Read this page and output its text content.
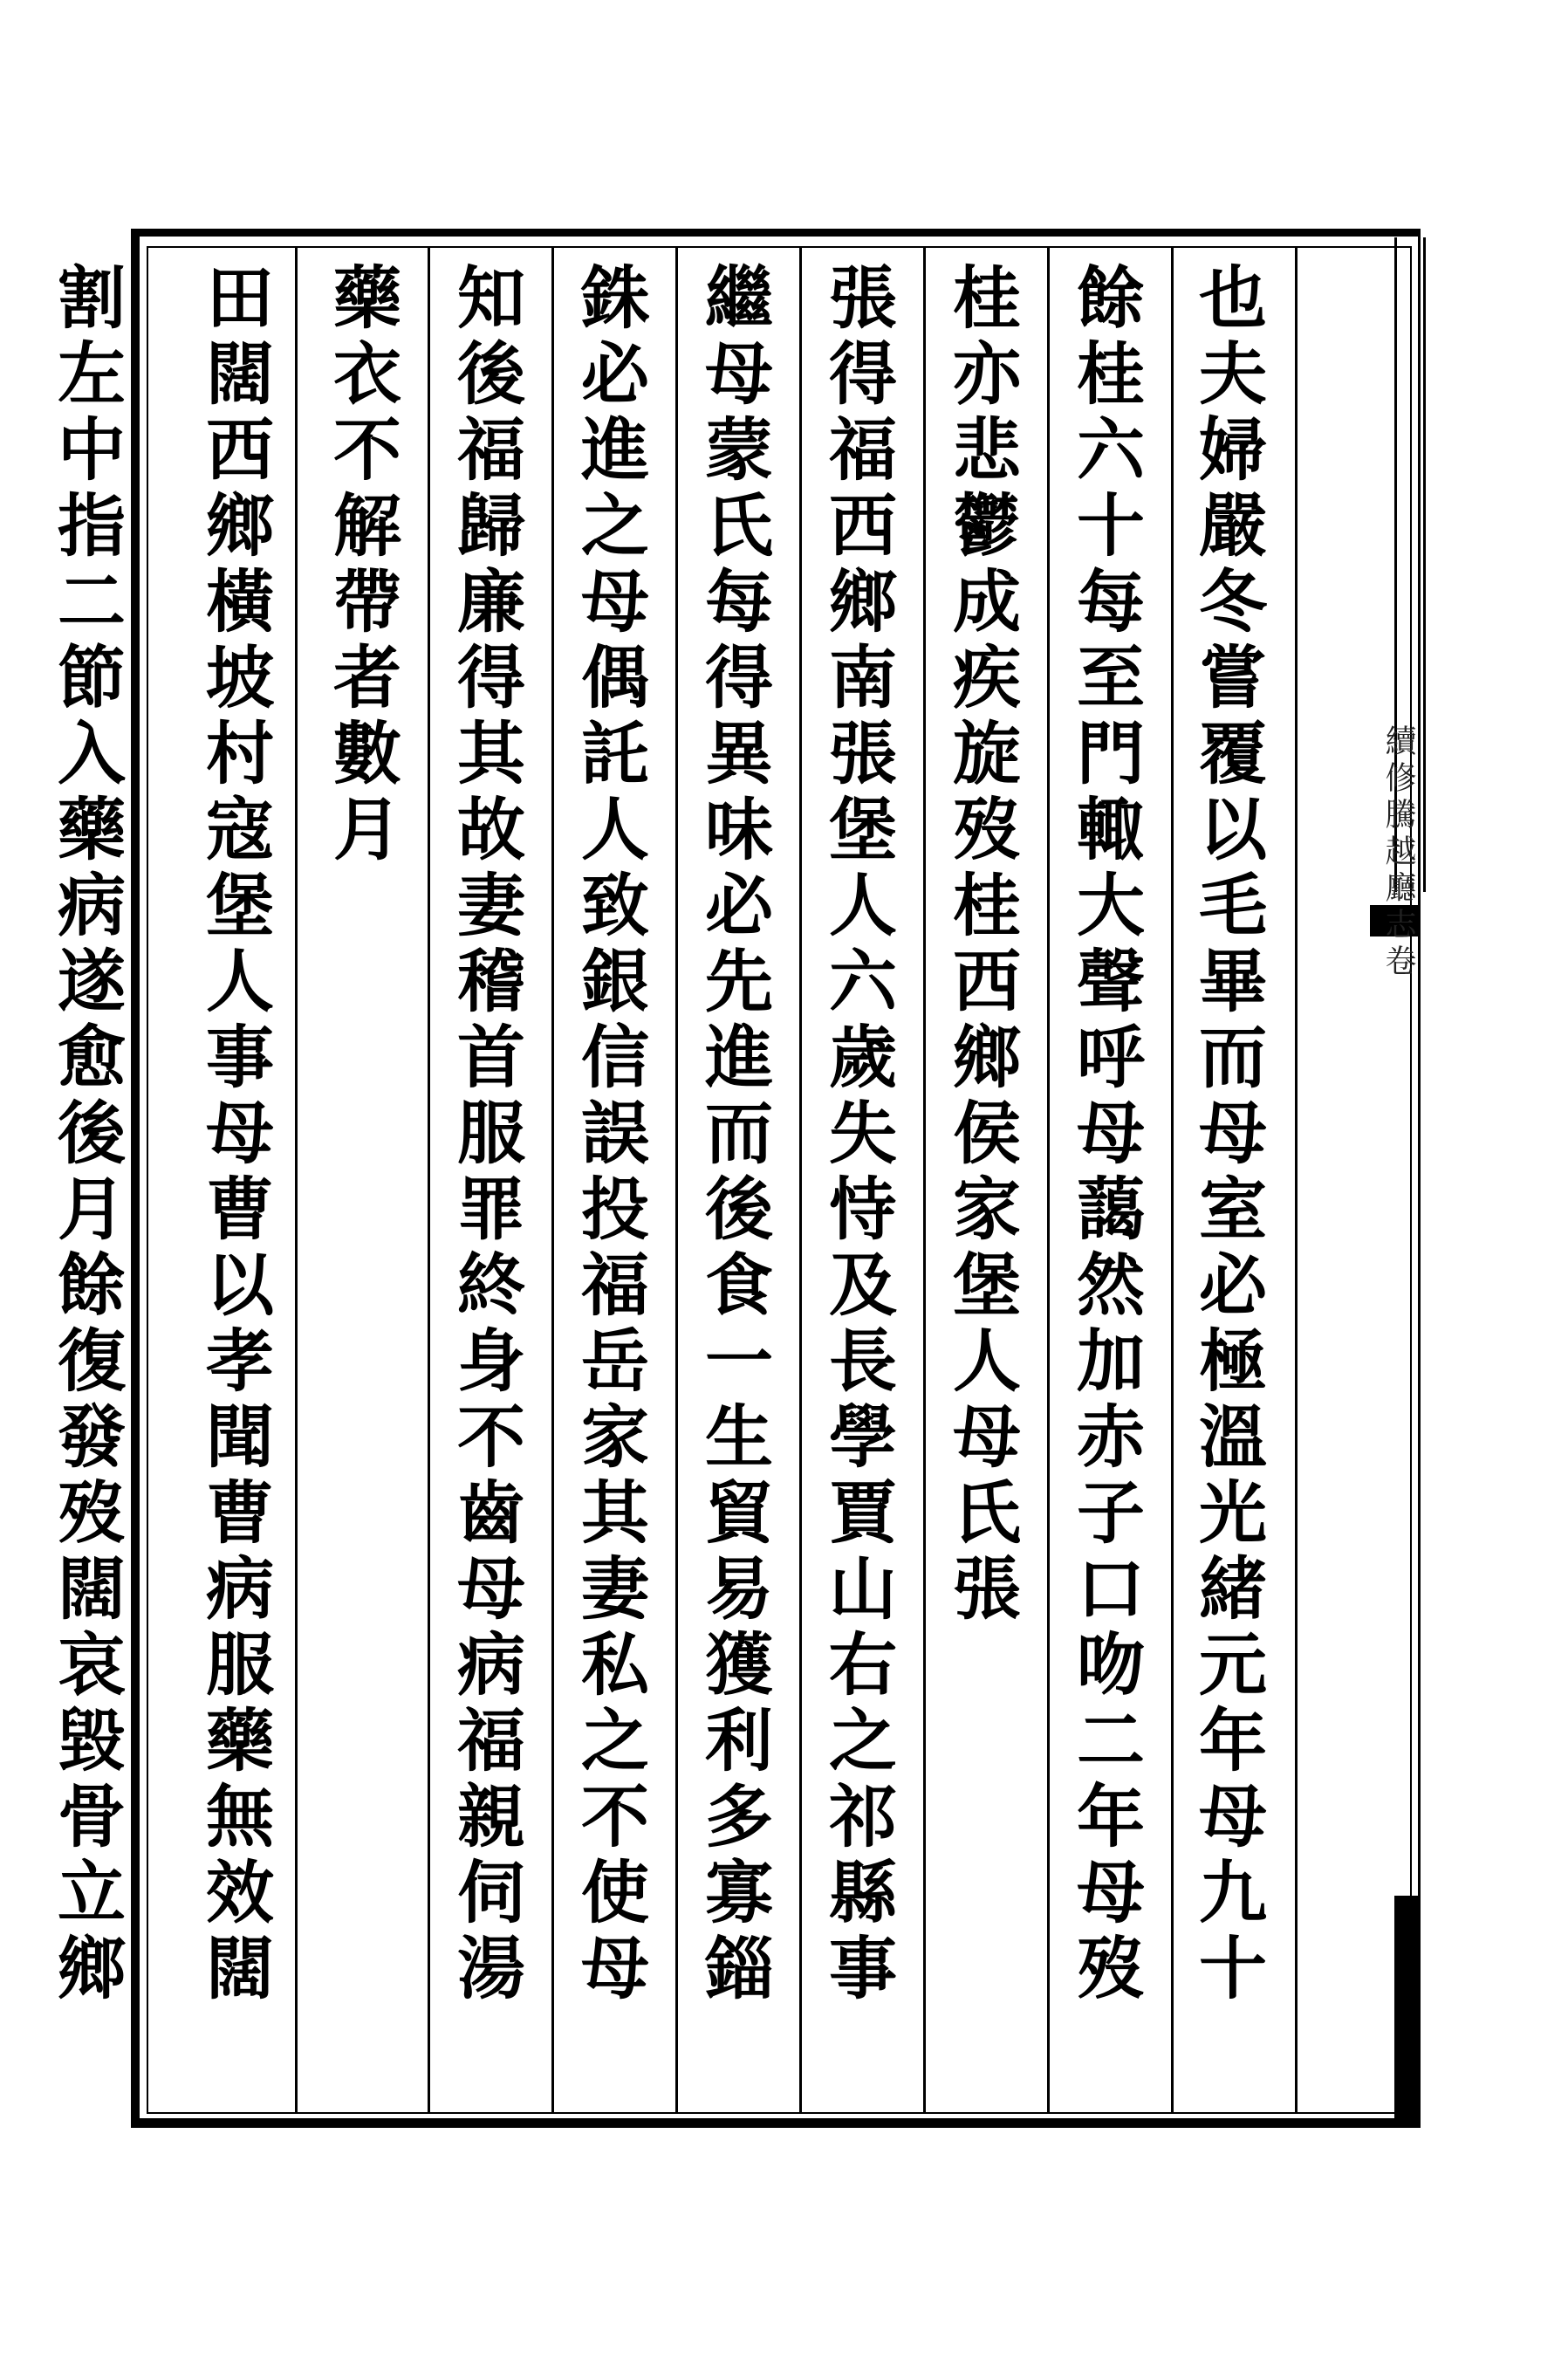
續修騰越廳志卷
也夫婦嚴冬嘗覆以毛畢而母室必極溫光緒元年母九十
餘桂六十每至門輙大聲呼母藹然加赤子口吻二年母歿
桂亦悲鬱成疾旋歿桂西鄉侯家堡人母氏張
張得福西鄉南張堡人六歲失恃及長學賈山右之祁縣事
繼母蒙氏每得異味必先進而後食一生貿易獲利多寡錙
銖必進之母偶託人致銀信誤投福岳家其妻私之不使母
知後福歸廉得其故妻稽首服罪終身不齒母病福親伺湯
藥衣不解帶者數月
田闊西鄉橫坡村寇堡人事母曹以孝聞曹病服藥無效闊
割左中指二節入藥病遂愈後月餘復發歿闊哀毀骨立鄉
